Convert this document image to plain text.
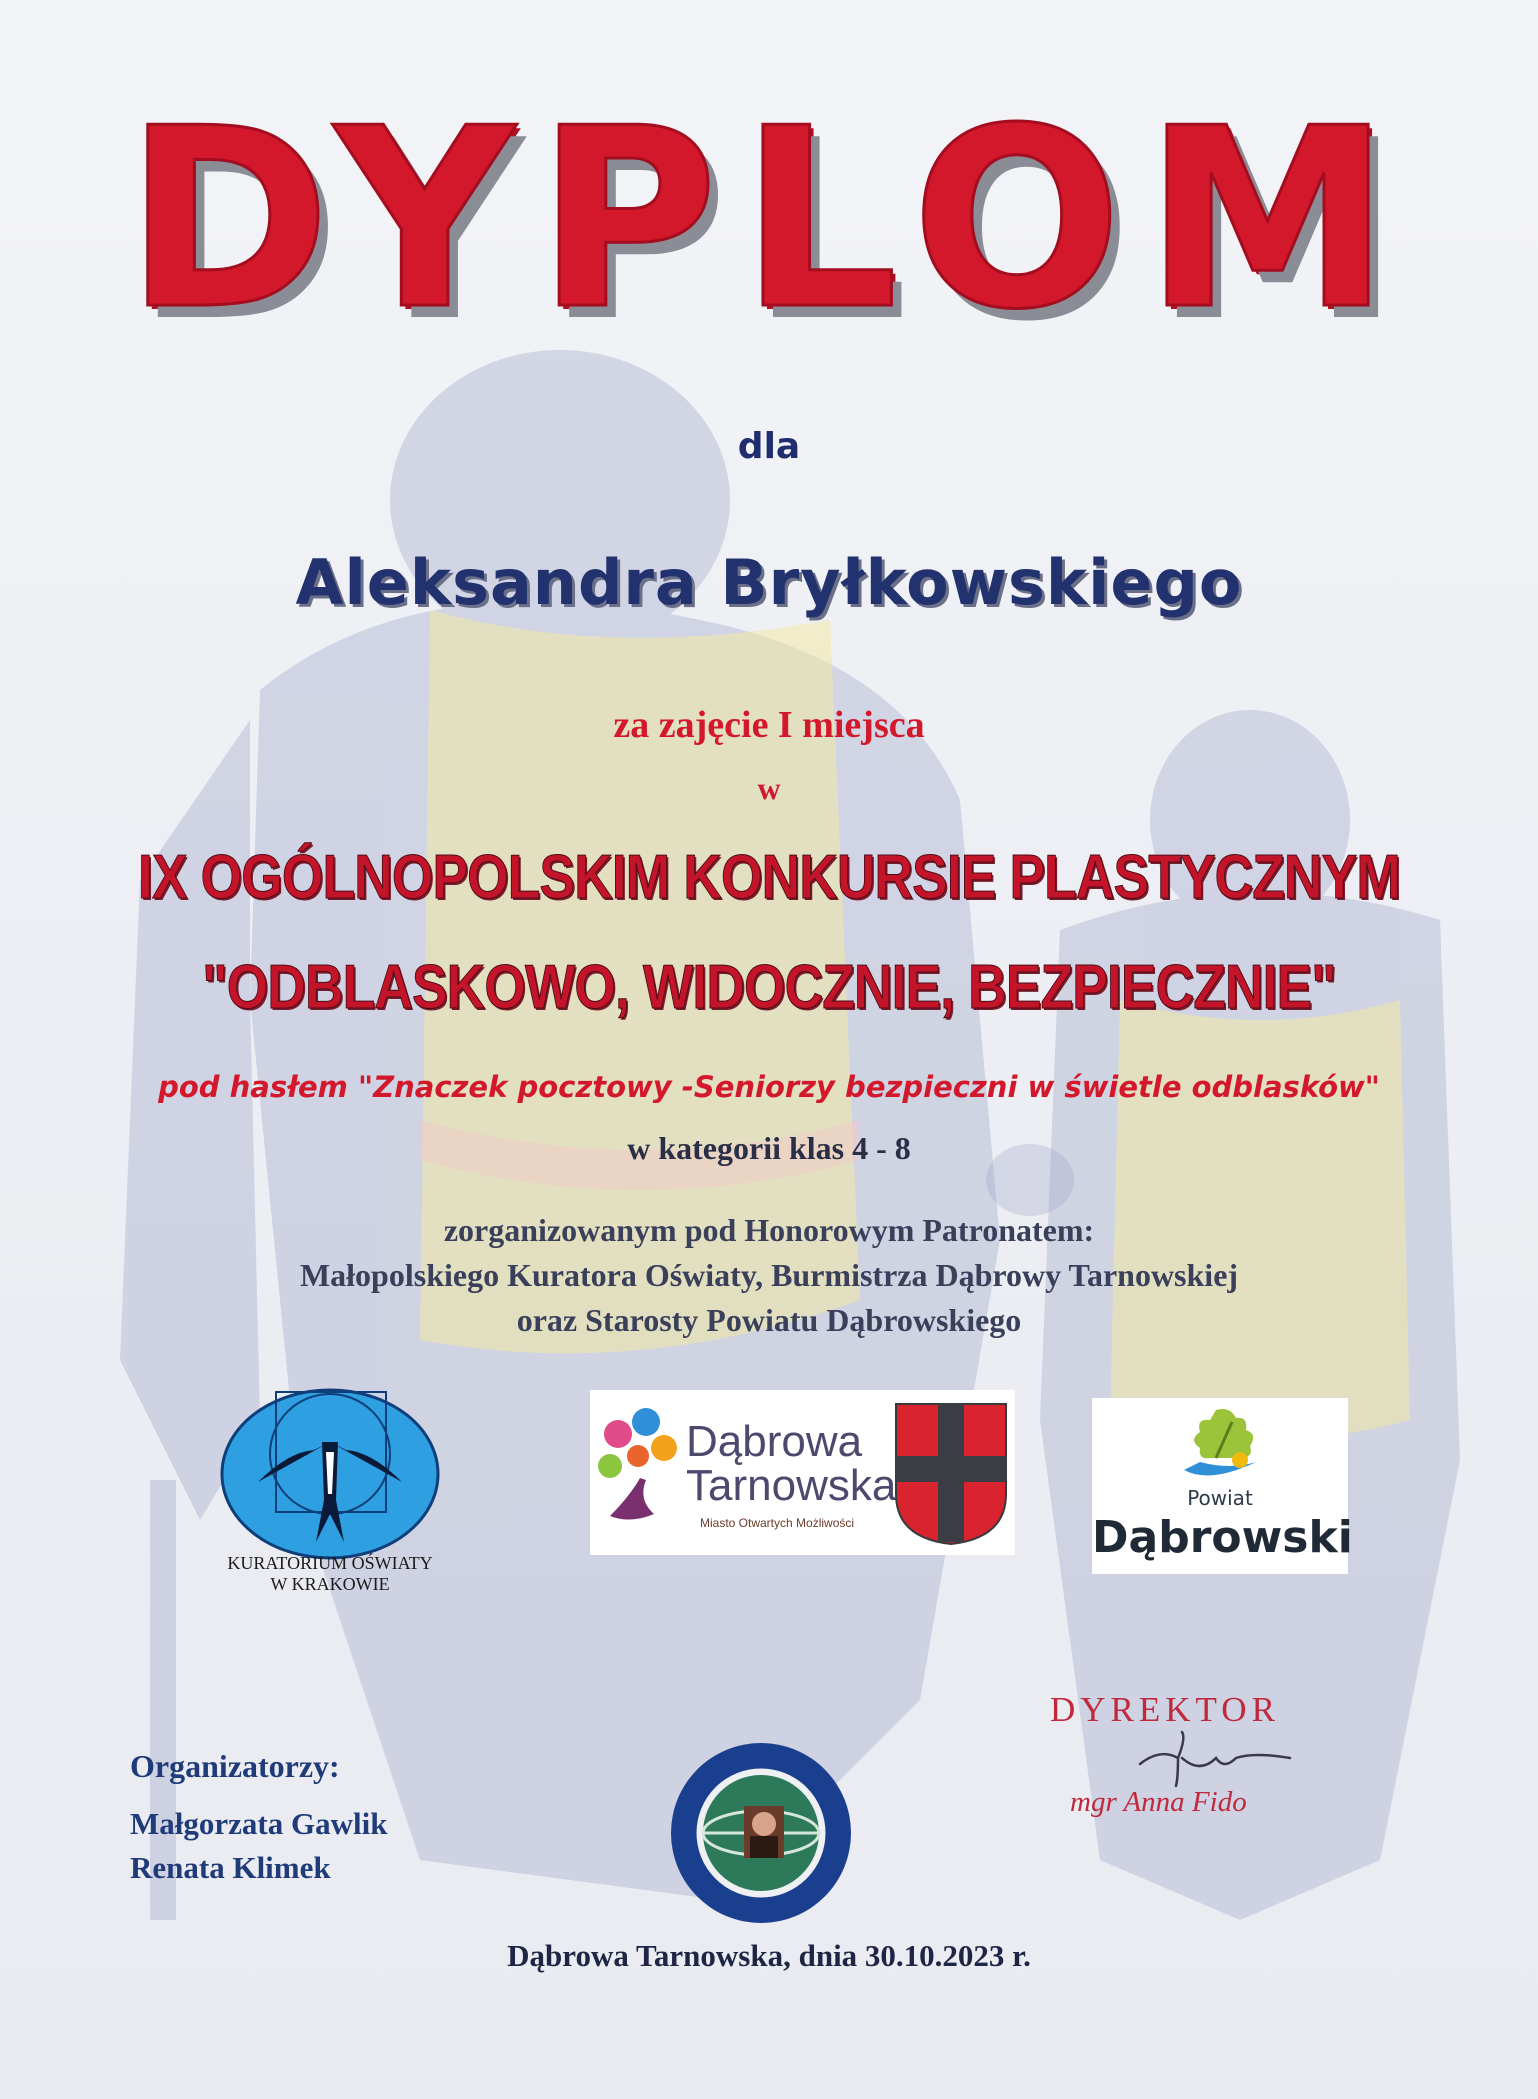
DYPLOM
dla
Aleksandra Bryłkowskiego
za zajęcie I miejsca
w
IX OGÓLNOPOLSKIM KONKURSIE PLASTYCZNYM
"ODBLASKOWO, WIDOCZNIE, BEZPIECZNIE"
pod hasłem "Znaczek pocztowy -Seniorzy bezpieczni w świetle odblasków"
w kategorii klas 4 - 8
zorganizowanym pod Honorowym Patronatem:
Małopolskiego Kuratora Oświaty, Burmistrza Dąbrowy Tarnowskiej
oraz Starosty Powiatu Dąbrowskiego
KURATORIUM OŚWIATY
W KRAKOWIE
Dąbrowa
Tarnowska
Miasto Otwartych Możliwości
Powiat
Dąbrowski
Organizatorzy:
Małgorzata Gawlik
Renata Klimek
DYREKTOR
mgr Anna Fido
Dąbrowa Tarnowska, dnia 30.10.2023 r.
